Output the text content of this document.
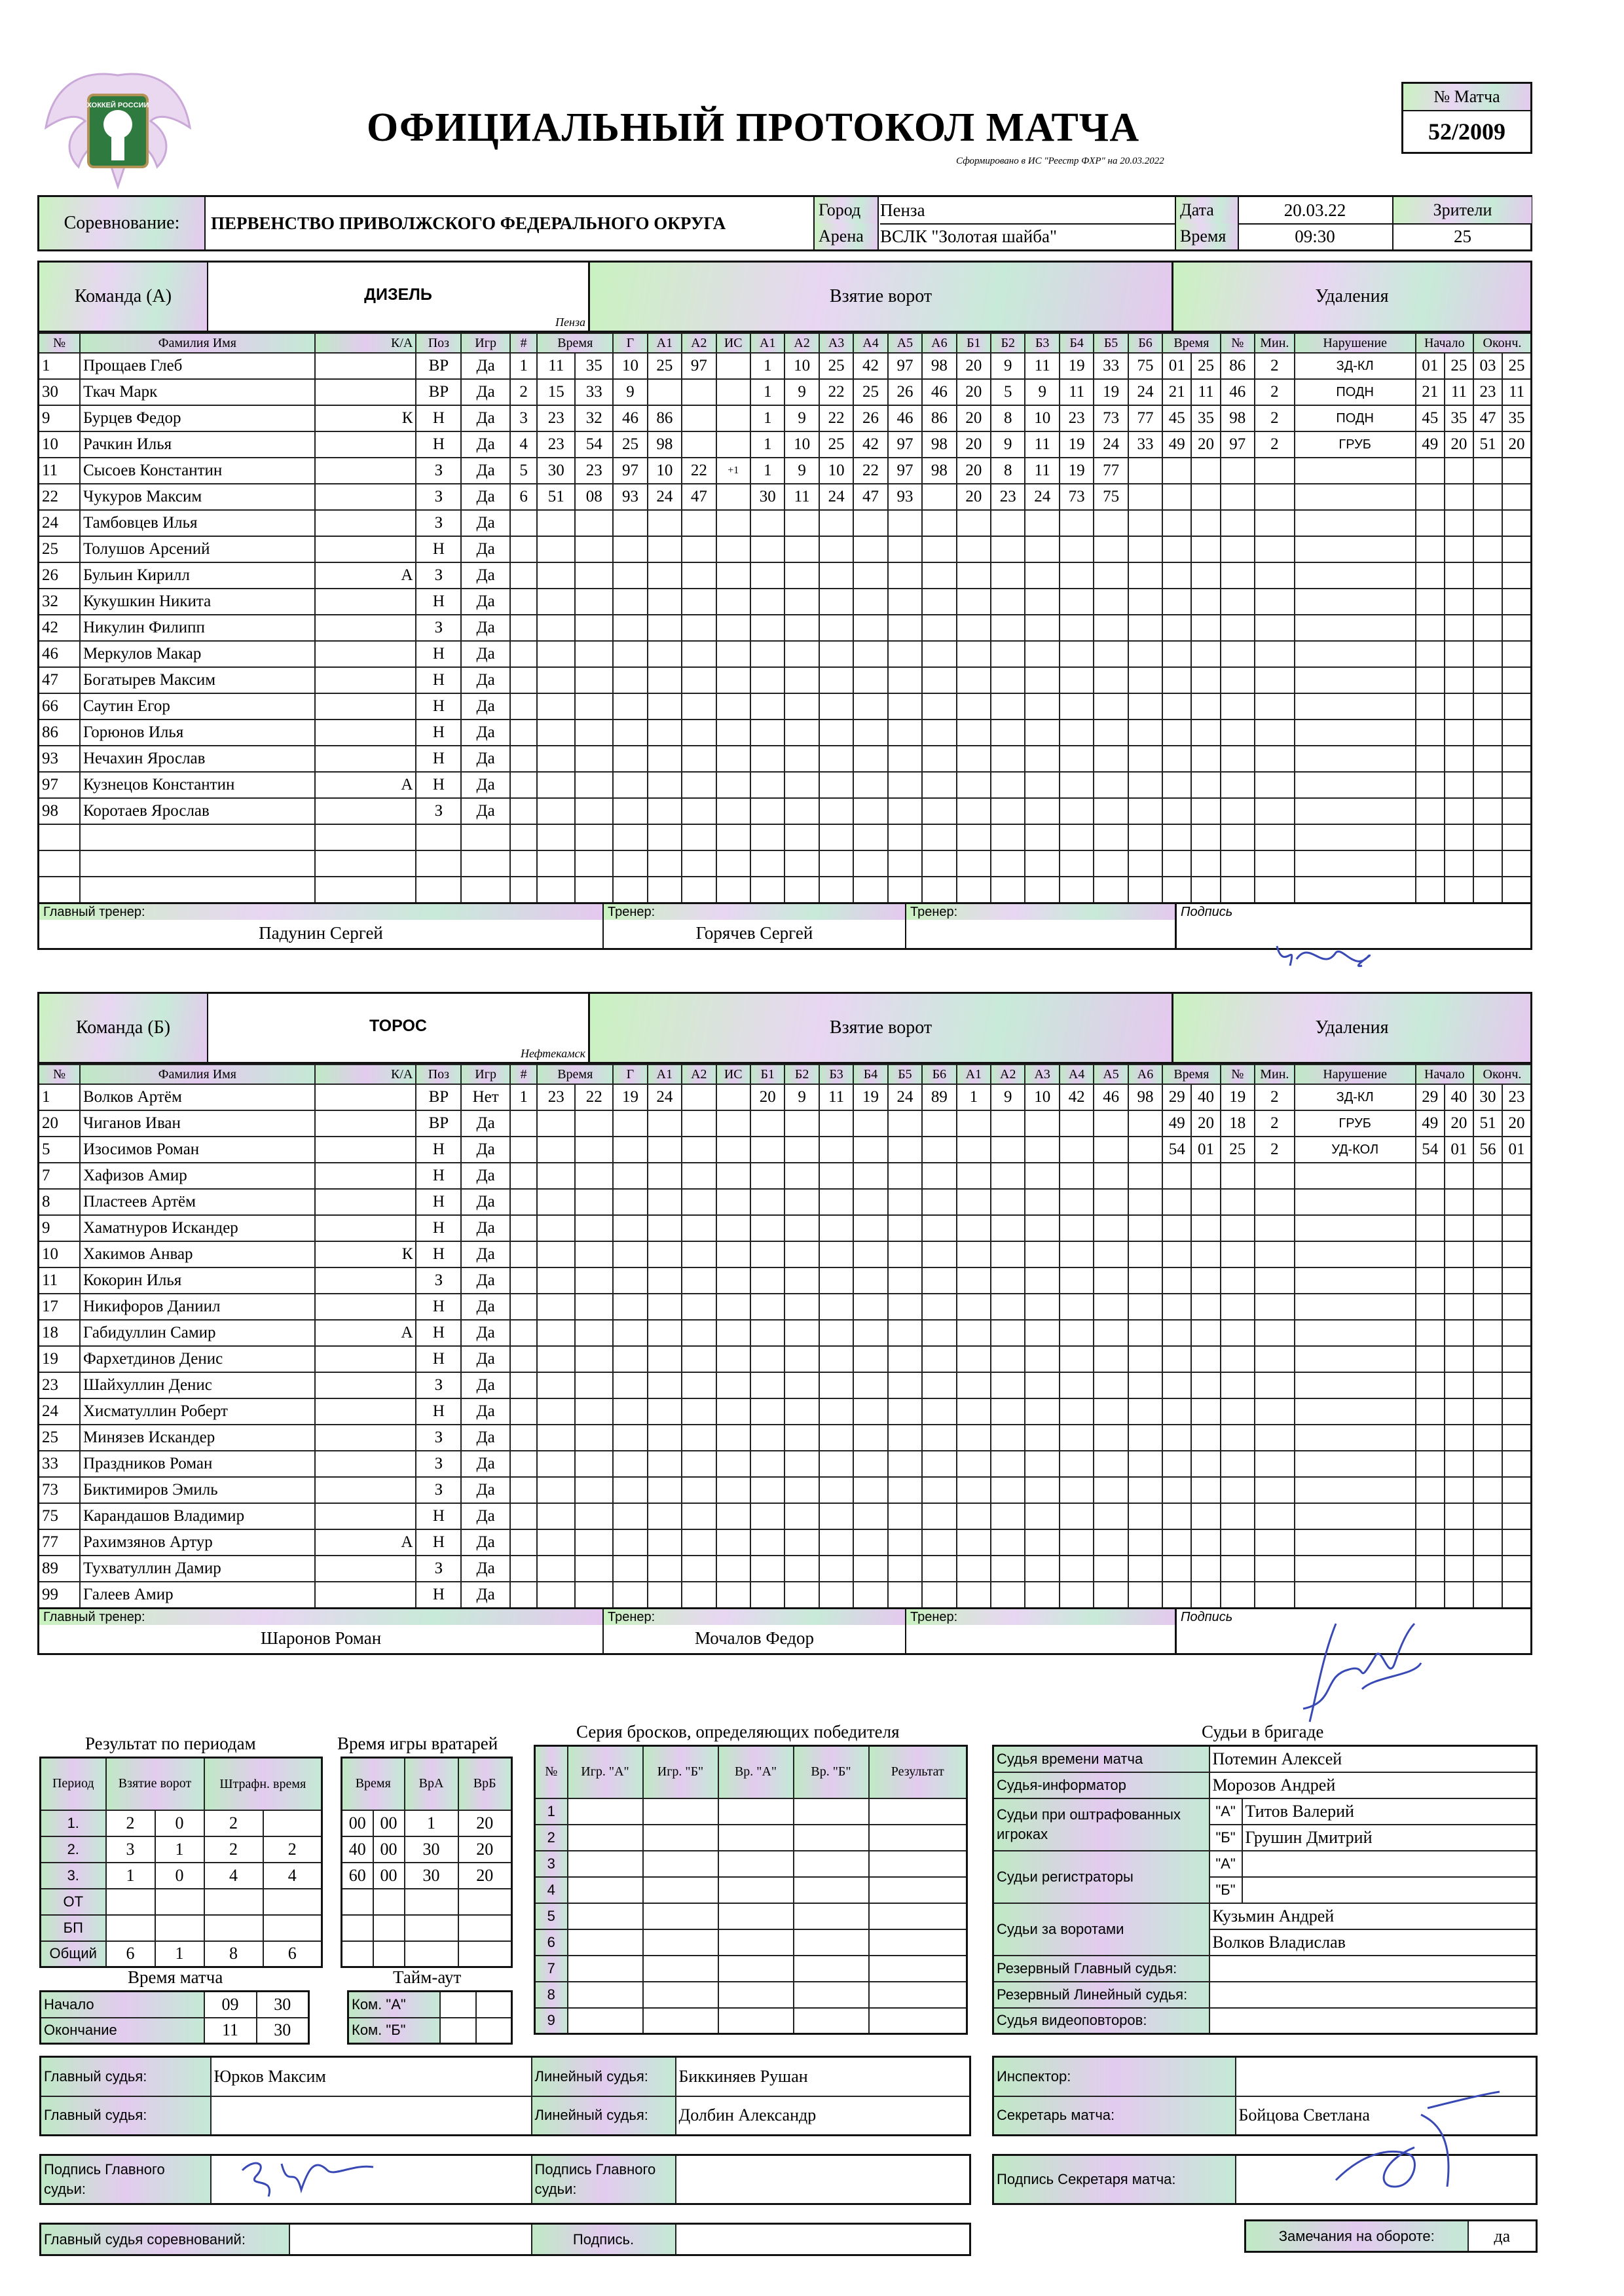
ХОККЕЙ РОССИИ	ОФИЦИАЛЬНЫЙ ПРОТОКОЛ МАТЧА
Сформировано в ИС "Реестр ФХР" на 20.03.2022
№ Матча
52/2009
Соревнование:	ПЕРВЕНСТВО ПРИВОЛЖСКОГО ФЕДЕРАЛЬНОГО ОКРУГА
Город	Пенза
Арена ВСЛК "Золотая шайба"
Дата	20.03.22
Время	09:30
Зрители
25
Команда (А)	ДИЗЕЛЬ
Пенза
Взятие ворот	Удаления
№	Фамилия Имя	К/А	Поз	Игр	#	Время		Г	А1	А2	ИС	А1	А2	А3	А4	А5	А6	Б1	Б2	Б3	Б4	Б5	Б6	Время		№	Мин.	Нарушение	Начало		Оконч.	
1	Прощаев Глеб		ВР	Да	1	11	35	10	25	97		1	10	25	42	97	98	20	9	11	19	33	75	01	25	86	2	ЗД-КЛ	01	25	03	25
30	Ткач Марк		ВР	Да	2	15	33	9				1	9	22	25	26	46	20	5	9	11	19	24	21	11	46	2	ПОДН	21	11	23	11
9	Бурцев Федор	К	Н	Да	3	23	32	46	86			1	9	22	26	46	86	20	8	10	23	73	77	45	35	98	2	ПОДН	45	35	47	35
10	Рачкин Илья		Н	Да	4	23	54	25	98			1	10	25	42	97	98	20	9	11	19	24	33	49	20	97	2	ГРУБ	49	20	51	20
11	Сысоев Константин		З	Да	5	30	23	97	10	22	+1	1	9	10	22	97	98	20	8	11	19	77										
22	Чукуров Максим		З	Да	6	51	08	93	24	47		30	11	24	47	93		20	23	24	73	75										
24	Тамбовцев Илья		З	Да																												
25	Толушов Арсений		Н	Да																												
26	Бульин Кирилл	А	З	Да																												
32	Кукушкин Никита		Н	Да																												
42	Никулин Филипп		З	Да																												
46	Меркулов Макар		Н	Да																												
47	Богатырев Максим		Н	Да																												
66	Саутин Егор		Н	Да																												
86	Горюнов Илья		Н	Да																												
93	Нечахин Ярослав		Н	Да																												
97	Кузнецов Константин	А	Н	Да																												
98	Коротаев Ярослав		З	Да																												

Главный тренер:
Падунин Сергей
Тренер:
Горячев Сергей
Тренер:	Подпись
Команда (Б)	ТОРОС
Нефтекамск
Взятие ворот	Удаления
№	Фамилия Имя	К/А	Поз	Игр	#	Время		Г	А1	А2	ИС	Б1	Б2	Б3	Б4	Б5	Б6	А1	А2	А3	А4	А5	А6	Время		№	Мин.	Нарушение	Начало		Оконч.	
1	Волков Артём		ВР	Нет	1	23	22	19	24			20	9	11	19	24	89	1	9	10	42	46	98	29	40	19	2	ЗД-КЛ	29	40	30	23
20	Чиганов Иван		ВР	Да																				49	20	18	2	ГРУБ	49	20	51	20
5	Изосимов Роман		Н	Да																				54	01	25	2	УД-КОЛ	54	01	56	01
7	Хафизов Амир		Н	Да																												
8	Пластеев Артём		Н	Да																												
9	Хаматнуров Искандер		Н	Да																												
10	Хакимов Анвар	К	Н	Да																												
11	Кокорин Илья		З	Да																												
17	Никифоров Даниил		Н	Да																												
18	Габидуллин Самир	А	Н	Да																												
19	Фархетдинов Денис		Н	Да																												
23	Шайхуллин Денис		З	Да																												
24	Хисматуллин Роберт		Н	Да																												
25	Минязев Искандер		З	Да																												
33	Праздников Роман		З	Да																												
73	Биктимиров Эмиль		З	Да																												
75	Карандашов Владимир		Н	Да																												
77	Рахимзянов Артур	А	Н	Да																												
89	Тухватуллин Дамир		З	Да																												
99	Галеев Амир		Н	Да																												
Главный тренер:
Шаронов Роман
Тренер:
Мочалов Федор
Тренер:	Подпись
Результат по периодам
Период	Взятие ворот		Штрафн. время	
1.	2	0	2	
2.	3	1	2	2
3.	1	0	4	4
ОТ				
БП				
Общий	6	1	8	6
Время игры вратарей
Время		ВрА	ВрБ
00	00	1	20
40	00	30	20
60	00	30	20

Время матча
Начало	09	30
Окончание	11	30
Тайм-аут
Ком. "А"		
Ком. "Б"		
Серия бросков, определяющих победителя
№	Игр. "А"	Игр. "Б"	Вр. "А"	Вр. "Б"	Результат
1					
2					
3					
4					
5					
6					
7					
8					
9					
Судьи в бригаде
Судья времени матча	Потемин Алексей	
Судья-информатор	Морозов Андрей	
Судьи при оштрафованных игроках	"А"	Титов Валерий
	"Б"	Грушин Дмитрий
Судьи регистраторы	"А"	
	"Б"	
Судьи за воротами	Кузьмин Андрей	
	Волков Владислав	
Резервный Главный судья:		
Резервный Линейный судья:		
Судья видеоповторов:		
Главный судья:	Юрков Максим	Линейный судья:	Биккиняев Рушан
Главный судья:		Линейный судья:	Долбин Александр
Инспектор:	
Секретарь матча:	Бойцова Светлана
Подпись Главного судьи:		Подпись Главного судьи:	
Подпись Секретаря матча:	
Главный судья соревнований:		Подпись.		Замечания на обороте:	да
